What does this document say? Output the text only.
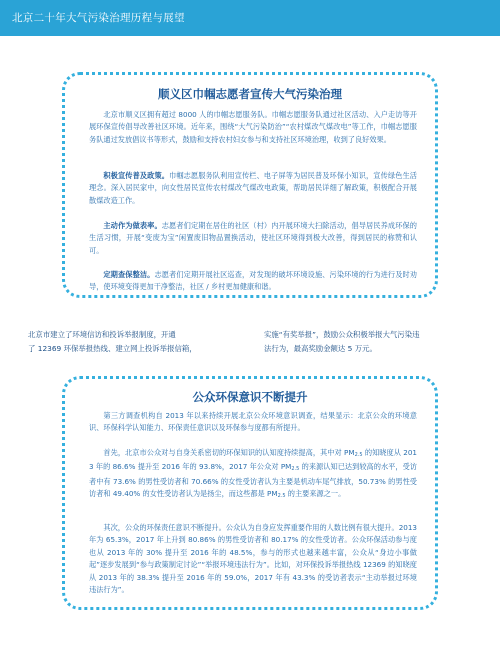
北京二十年大气污染治理历程与展望
顺义区巾帼志愿者宣传大气污染治理

北京市顺义区拥有超过 8000 人的巾帼志愿服务队。巾帼志愿服务队通过社区活动、入户走访等开展环保宣传倡导改善社区环境。近年来，围绕“大气污染防治”“农村煤改气煤改电”等工作，巾帼志愿服务队通过发放倡议书等形式，鼓励和支持农村妇女参与和支持社区环境治理，收到了良好效果。

积极宣传普及政策。巾帼志愿服务队利用宣传栏、电子屏等为居民普及环保小知识，宣传绿色生活理念。深入居民家中，向女性居民宣传农村煤改气煤改电政策，帮助居民详细了解政策，积极配合开展散煤改造工作。

主动作为做表率。志愿者们定期在居住的社区（村）内开展环境大扫除活动，倡导居民养成环保的生活习惯，开展“变废为宝”闲置废旧物品置换活动，使社区环境得到极大改善，得到居民的称赞和认可。

定期查保整洁。志愿者们定期开展社区巡查，对发现的破坏环境设施、污染环境的行为进行及时劝导，使环境变得更加干净整洁，社区 / 乡村更加健康和谐。

北京市建立了环境信访和投诉举报制度，开通
了 12369 环保举报热线、建立网上投诉举报信箱，
实施“有奖举报”，鼓励公众积极举报大气污染违
法行为，最高奖励金额达 5 万元。
公众环保意识不断提升

第三方调查机构自 2013 年以来持续开展北京公众环境意识调查，结果显示：北京公众的环境意识、环保科学认知能力、环保责任意识以及环保参与度都有所提升。

首先，北京市公众对与自身关系密切的环保知识的认知度持续提高，其中对 $PM_{2.5}$ 的知晓度从 2013 年的 86.6% 提升至 2016 年的 93.8%，2017 年公众对 $PM_{2.5}$ 的来源认知已达到较高的水平，受访者中有 73.6% 的男性受访者和 70.66% 的女性受访者认为主要是机动车尾气排放，50.73% 的男性受访者和 49.40% 的女性受访者认为是扬尘，而这些都是 $PM_{2.5}$ 的主要来源之一。

其次，公众的环保责任意识不断提升。公众认为自身应发挥重要作用的人数比例有很大提升。2013 年为 65.3%，2017 年上升到 80.86% 的男性受访者和 80.17% 的女性受访者。公众环保活动参与度也从 2013 年的 30% 提升至 2016 年的 48.5%，参与的形式也越来越丰富，公众从“身边小事做起”逐步发展到“参与政策制定讨论”“举报环境违法行为”。比如，对环保投诉举报热线 12369 的知晓度从 2013 年的 38.3% 提升至 2016 年的 59.0%，2017 年有 43.3% 的受访者表示“主动举报过环境违法行为”。
